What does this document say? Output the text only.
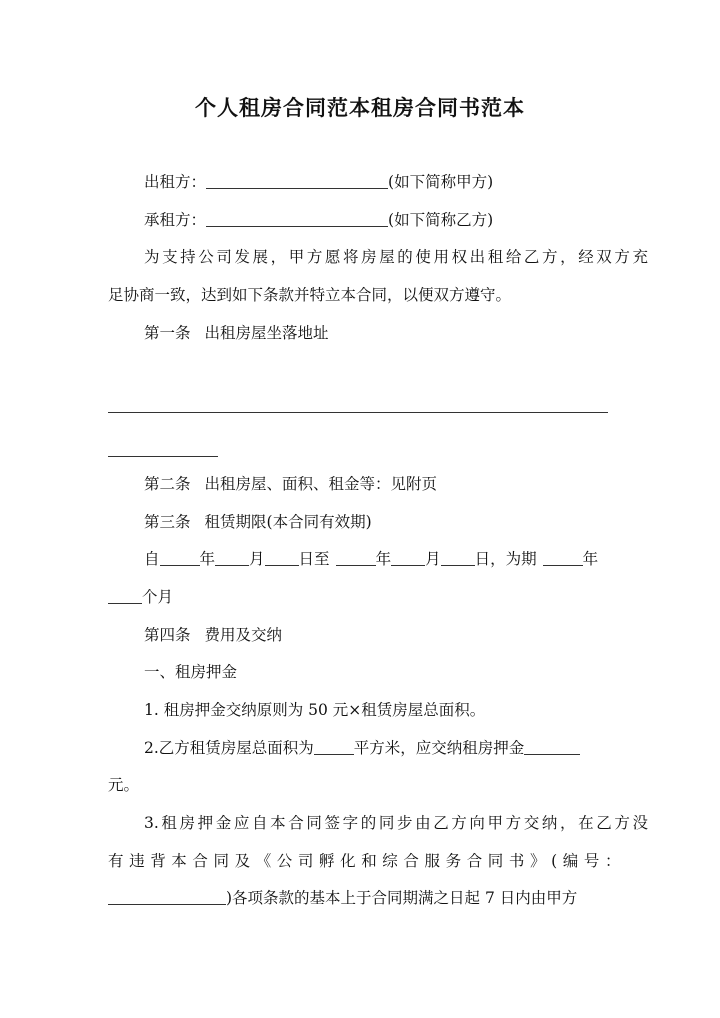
个人租房合同范本租房合同书范本
出租方：	(如下简称甲方)
承租方：	(如下简称乙方)
为支持公司发展，甲方愿将房屋的使用权出租给乙方，经双方充
足协商一致，达到如下条款并特立本合同，以便双方遵守。
第一条 出租房屋坐落地址
第二条 出租房屋、面积、租金等：见附页
第三条 租赁期限(本合同有效期)
自	年 月 日至	年 月 日，为期	年
个月
第四条 费用及交纳
一、租房押金
1. 租房押金交纳原则为 50 元×租赁房屋总面积。
2.乙方租赁房屋总面积为	平方米，应交纳租房押金
元。
3.租房押金应自本合同签字的同步由乙方向甲方交纳，在乙方没
有违背本合同及《公司孵化和综合服务合同书》(编号：
)各项条款的基本上于合同期满之日起 7 日内由甲方
